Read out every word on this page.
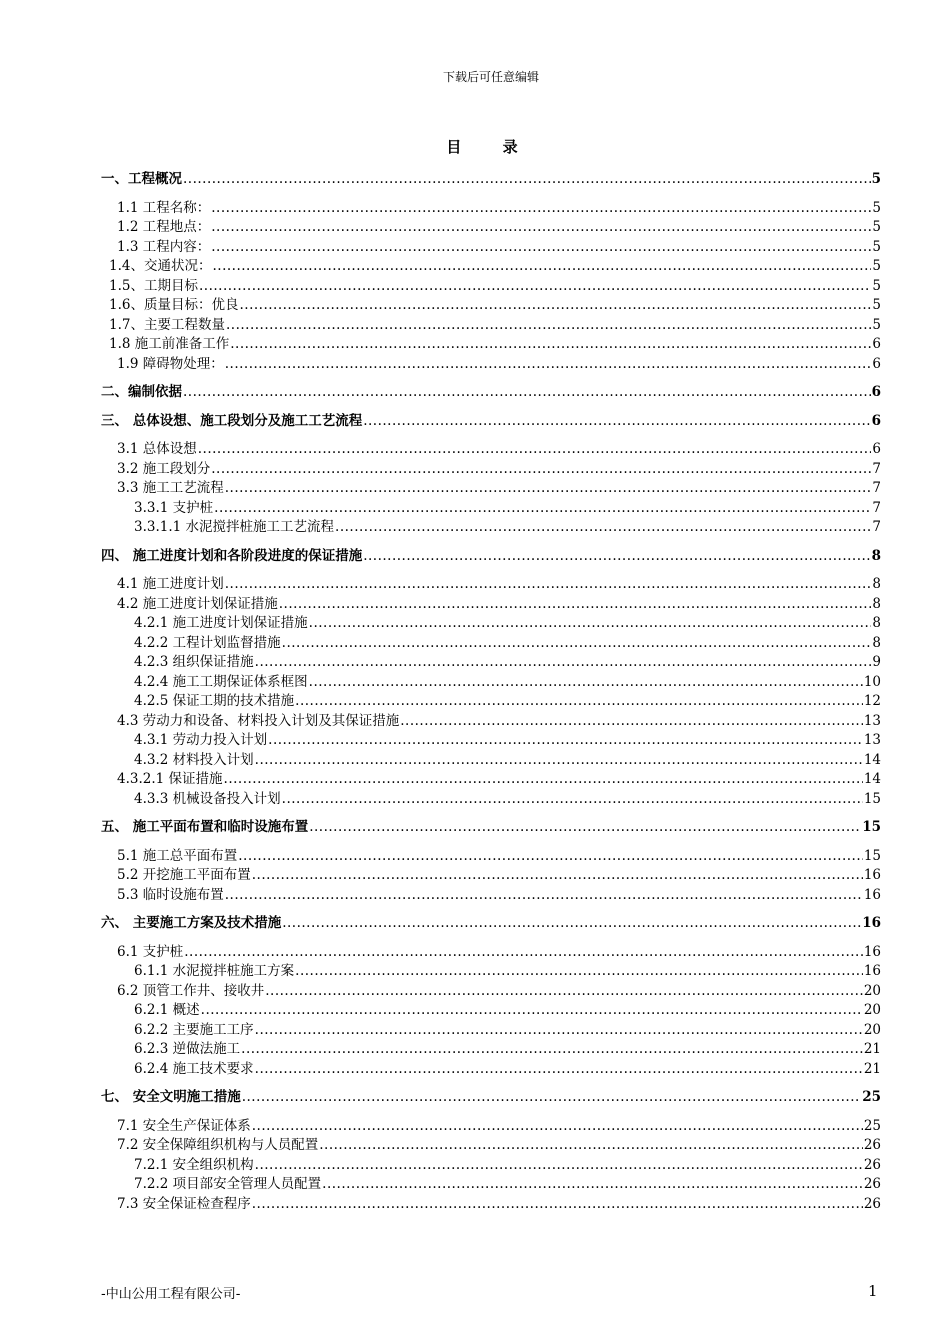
下载后可任意编辑
目 录
一、工程概况 .....	5
1.1 工程名称： .....	5
1.2 工程地点： .....	5
1.3 工程内容： .....	5
1.4、交通状况： .....	5
1.5、工期目标 .....	5
1.6、质量目标：优良 .....	5
1.7、主要工程数量 .....	5
1.8 施工前准备工作 .....	6
1.9 障碍物处理： .....	6
二、编制依据 .....	6
三、 总体设想、施工段划分及施工工艺流程 .....	6
3.1 总体设想 .....	6
3.2 施工段划分 .....	7
3.3 施工工艺流程 .....	7
3.3.1 支护桩 .....	7
3.3.1.1 水泥搅拌桩施工工艺流程 .....	7
四、 施工进度计划和各阶段进度的保证措施 .....	8
4.1 施工进度计划 .....	8
4.2 施工进度计划保证措施 .....	8
4.2.1 施工进度计划保证措施 .....	8
4.2.2 工程计划监督措施 .....	8
4.2.3 组织保证措施 .....	9
4.2.4 施工工期保证体系框图 .....	10
4.2.5 保证工期的技术措施 .....	12
4.3 劳动力和设备、材料投入计划及其保证措施 .....	13
4.3.1 劳动力投入计划 .....	13
4.3.2 材料投入计划 .....	14
4.3.2.1 保证措施 .....	14
4.3.3 机械设备投入计划 .....	15
五、 施工平面布置和临时设施布置 .....	15
5.1 施工总平面布置 .....	15
5.2 开挖施工平面布置 .....	16
5.3 临时设施布置 .....	16
六、 主要施工方案及技术措施 .....	16
6.1 支护桩 .....	16
6.1.1 水泥搅拌桩施工方案 .....	16
6.2 顶管工作井、接收井 .....	20
6.2.1 概述 .....	20
6.2.2 主要施工工序 .....	20
6.2.3 逆做法施工 .....	21
6.2.4 施工技术要求 .....	21
七、 安全文明施工措施 .....	25
7.1 安全生产保证体系 .....	25
7.2 安全保障组织机构与人员配置 .....	26
7.2.1 安全组织机构 .....	26
7.2.2 项目部安全管理人员配置 .....	26
7.3 安全保证检查程序 .....	26
-中山公用工程有限公司-	1
